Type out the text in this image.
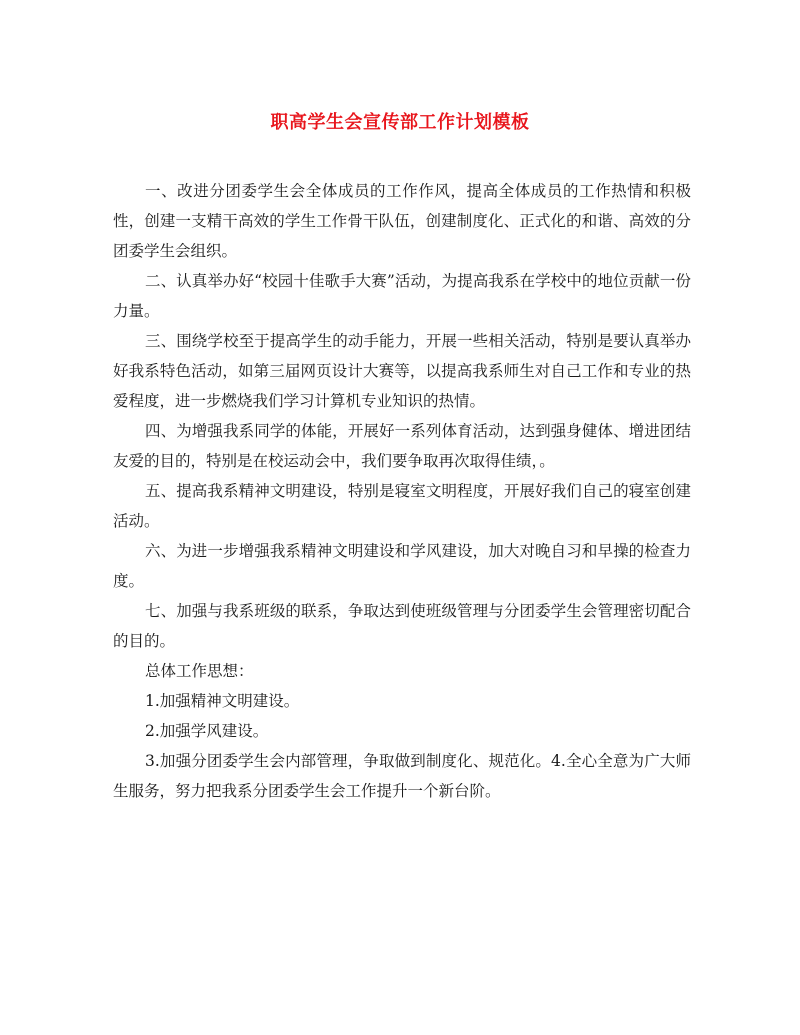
职高学生会宣传部工作计划模板

一、改进分团委学生会全体成员的工作作风，提高全体成员的工作热情和积极性，创建一支精干高效的学生工作骨干队伍，创建制度化、正式化的和谐、高效的分团委学生会组织。

二、认真举办好“校园十佳歌手大赛”活动，为提高我系在学校中的地位贡献一份力量。

三、围绕学校至于提高学生的动手能力，开展一些相关活动，特别是要认真举办好我系特色活动，如第三届网页设计大赛等，以提高我系师生对自己工作和专业的热爱程度，进一步燃烧我们学习计算机专业知识的热情。

四、为增强我系同学的体能，开展好一系列体育活动，达到强身健体、增进团结友爱的目的，特别是在校运动会中，我们要争取再次取得佳绩，。

五、提高我系精神文明建设，特别是寝室文明程度，开展好我们自己的寝室创建活动。

六、为进一步增强我系精神文明建设和学风建设，加大对晚自习和早操的检查力度。

七、加强与我系班级的联系，争取达到使班级管理与分团委学生会管理密切配合的目的。

总体工作思想：

1.加强精神文明建设。

2.加强学风建设。

3.加强分团委学生会内部管理，争取做到制度化、规范化。4.全心全意为广大师生服务，努力把我系分团委学生会工作提升一个新台阶。
